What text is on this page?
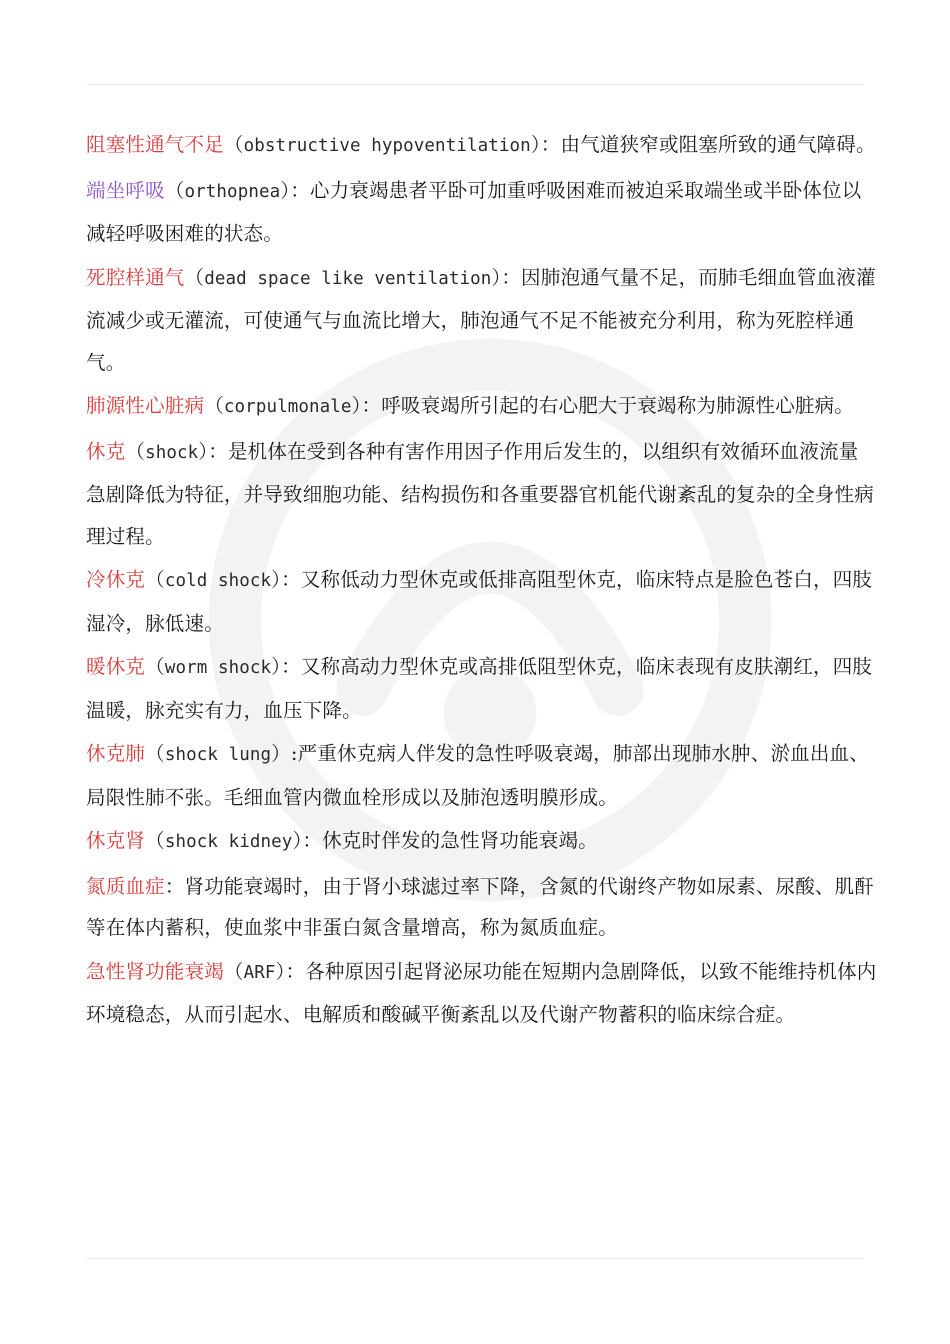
阻塞性通气不足（obstructive hypoventilation）：由气道狭窄或阻塞所致的通气障碍。

端坐呼吸（orthopnea）：心力衰竭患者平卧可加重呼吸困难而被迫采取端坐或半卧体位以减轻呼吸困难的状态。

死腔样通气（dead space like ventilation）：因肺泡通气量不足，而肺毛细血管血液灌流减少或无灌流，可使通气与血流比增大，肺泡通气不足不能被充分利用，称为死腔样通气。

肺源性心脏病（corpulmonale）：呼吸衰竭所引起的右心肥大于衰竭称为肺源性心脏病。

休克（shock）：是机体在受到各种有害作用因子作用后发生的，以组织有效循环血液流量急剧降低为特征，并导致细胞功能、结构损伤和各重要器官机能代谢紊乱的复杂的全身性病理过程。

冷休克（cold shock）：又称低动力型休克或低排高阻型休克，临床特点是脸色苍白，四肢湿冷，脉低速。

暖休克（worm shock）：又称高动力型休克或高排低阻型休克，临床表现有皮肤潮红，四肢温暖，脉充实有力，血压下降。

休克肺（shock lung）:严重休克病人伴发的急性呼吸衰竭，肺部出现肺水肿、淤血出血、局限性肺不张。毛细血管内微血栓形成以及肺泡透明膜形成。

休克肾（shock kidney）：休克时伴发的急性肾功能衰竭。

氮质血症：肾功能衰竭时，由于肾小球滤过率下降，含氮的代谢终产物如尿素、尿酸、肌酐等在体内蓄积，使血浆中非蛋白氮含量增高，称为氮质血症。

急性肾功能衰竭（ARF）：各种原因引起肾泌尿功能在短期内急剧降低，以致不能维持机体内环境稳态，从而引起水、电解质和酸碱平衡紊乱以及代谢产物蓄积的临床综合症。
